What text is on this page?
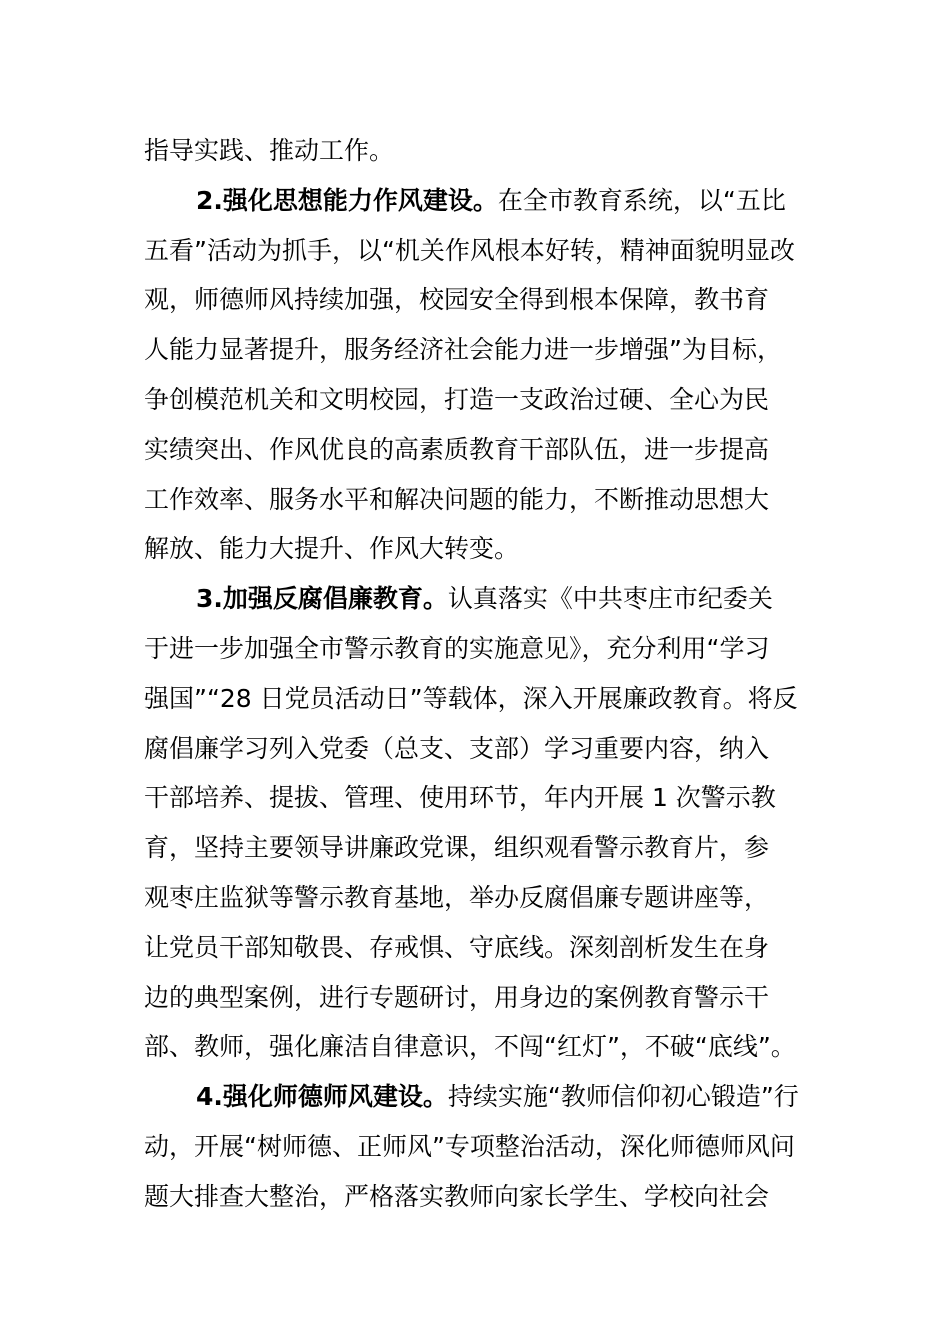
指导实践、推动工作。
2.强化思想能力作风建设。在全市教育系统，以“五比
五看”活动为抓手，以“机关作风根本好转，精神面貌明显改
观，师德师风持续加强，校园安全得到根本保障，教书育
人能力显著提升，服务经济社会能力进一步增强”为目标，
争创模范机关和文明校园，打造一支政治过硬、全心为民
实绩突出、作风优良的高素质教育干部队伍，进一步提高
工作效率、服务水平和解决问题的能力，不断推动思想大
解放、能力大提升、作风大转变。
3.加强反腐倡廉教育。认真落实《中共枣庄市纪委关
于进一步加强全市警示教育的实施意见》，充分利用“学习
强国”“28 日党员活动日”等载体，深入开展廉政教育。将反
腐倡廉学习列入党委（总支、支部）学习重要内容，纳入
干部培养、提拔、管理、使用环节，年内开展 1 次警示教
育，坚持主要领导讲廉政党课，组织观看警示教育片，参
观枣庄监狱等警示教育基地，举办反腐倡廉专题讲座等，
让党员干部知敬畏、存戒惧、守底线。深刻剖析发生在身
边的典型案例，进行专题研讨，用身边的案例教育警示干
部、教师，强化廉洁自律意识，不闯“红灯”，不破“底线”。
4.强化师德师风建设。持续实施“教师信仰初心锻造”行
动，开展“树师德、正师风”专项整治活动，深化师德师风问
题大排查大整治，严格落实教师向家长学生、学校向社会
